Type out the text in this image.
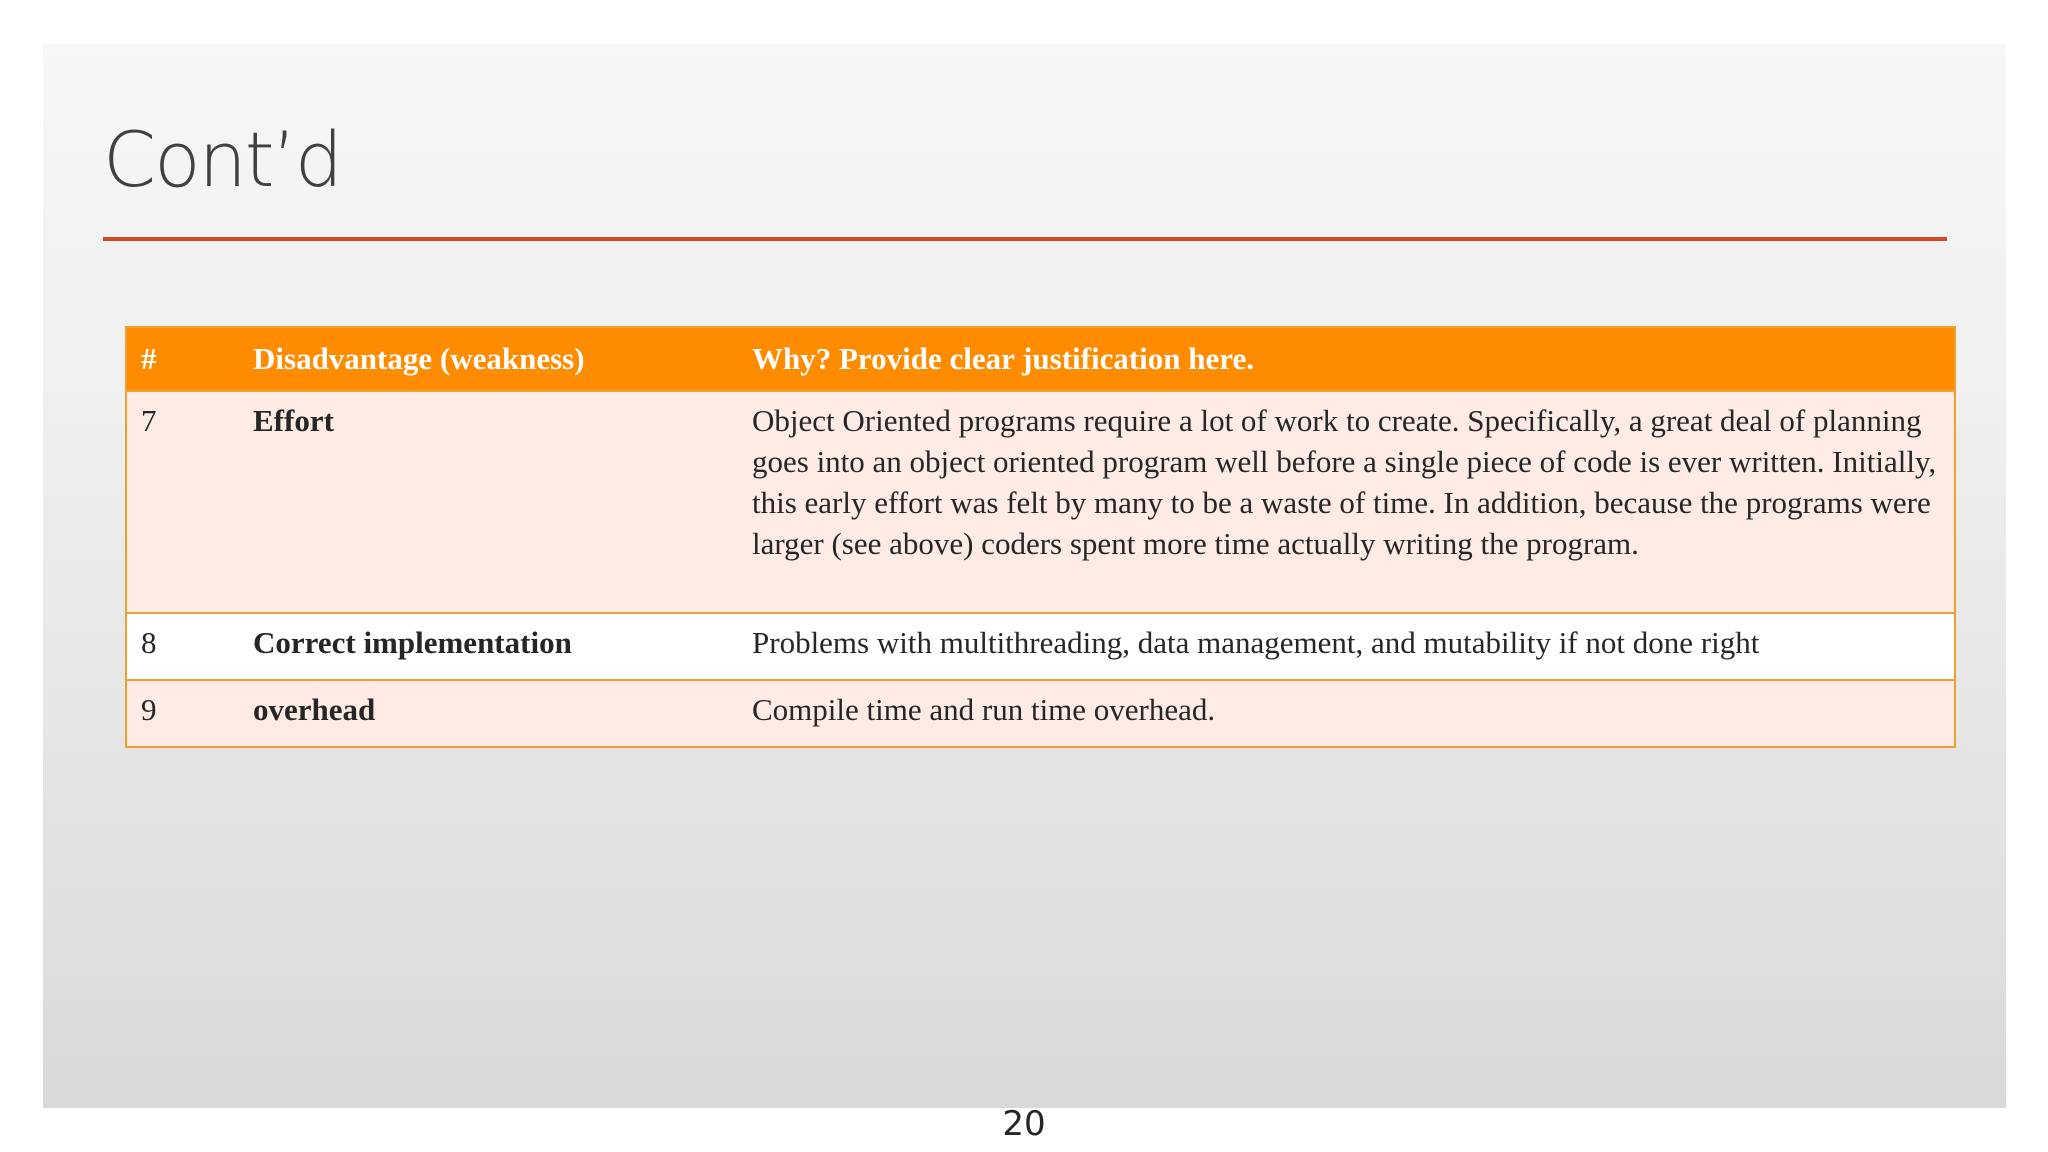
Cont’d
#	Disadvantage (weakness)	Why? Provide clear justification here.
7	Effort	Object Oriented programs require a lot of work to create. Specifically, a great deal of planning goes into an object oriented program well before a single piece of code is ever written. Initially, this early effort was felt by many to be a waste of time. In addition, because the programs were larger (see above) coders spent more time actually writing the program.
8	Correct implementation	Problems with multithreading, data management, and mutability if not done right
9	overhead	Compile time and run time overhead.
20
